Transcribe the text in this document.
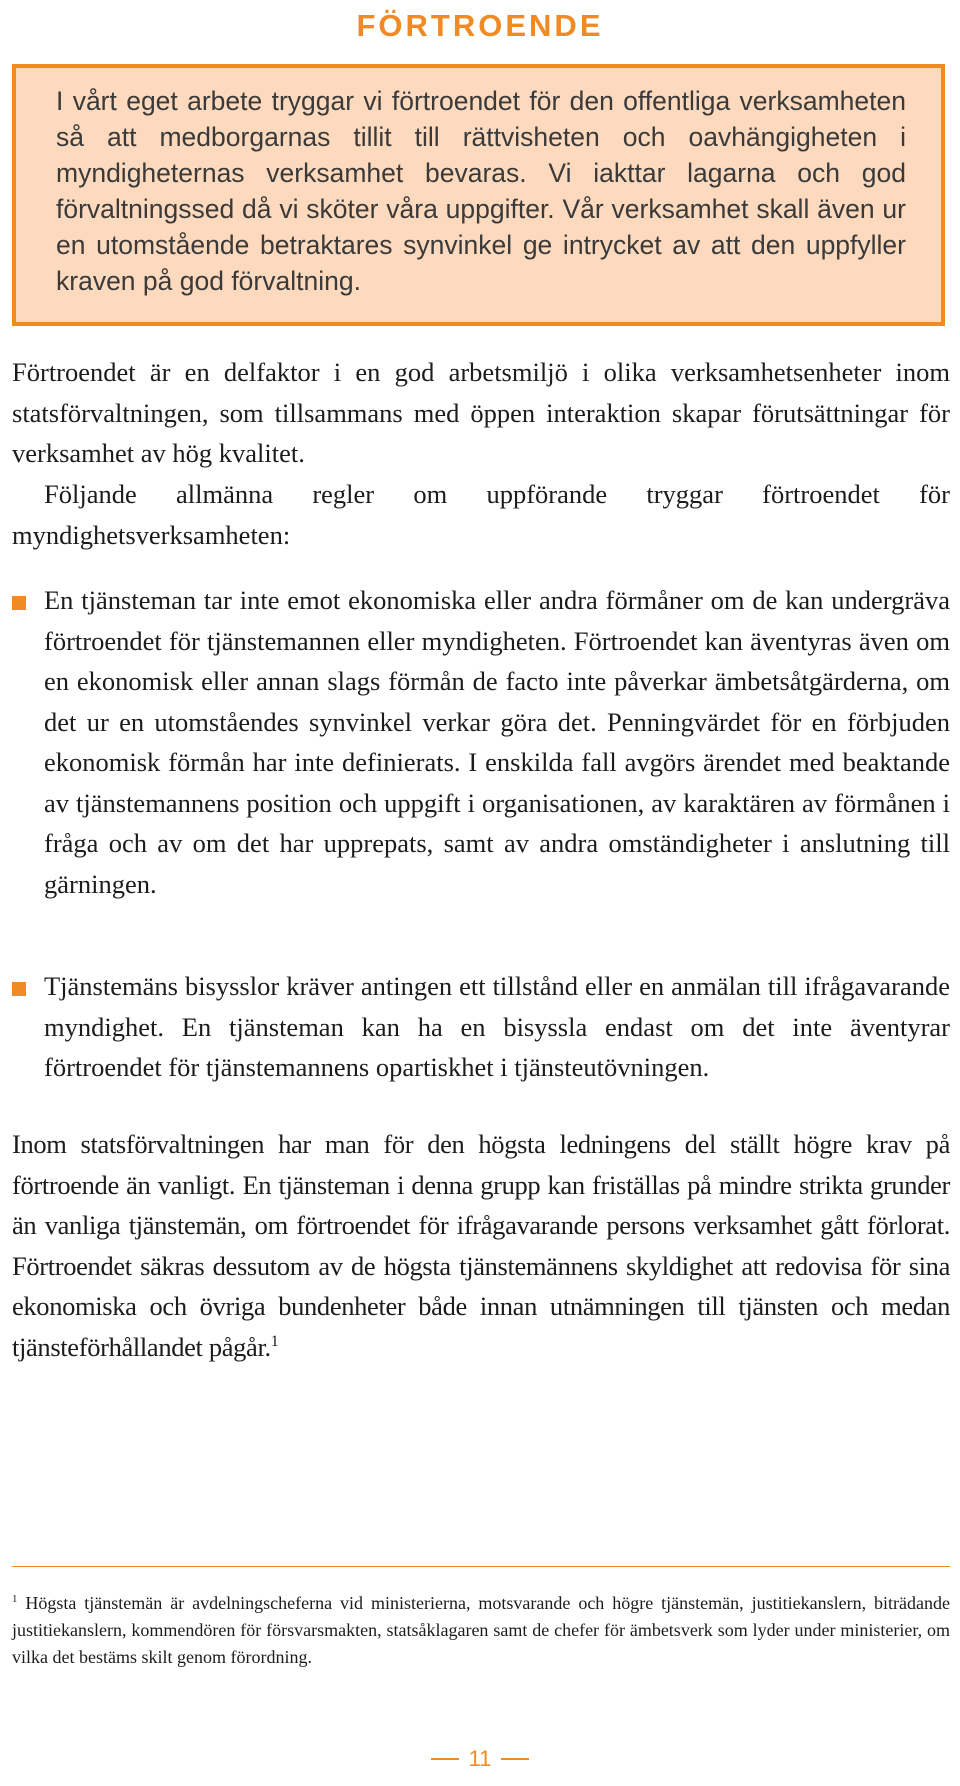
FÖRTROENDE

I vårt eget arbete tryggar vi förtroendet för den offentliga verksamheten så att medborgarnas tillit till rättvisheten och oavhängigheten i myndigheternas verksamhet bevaras. Vi iakttar lagarna och god förvaltningssed då vi sköter våra uppgifter. Vår verksamhet skall även ur en utomstående betraktares synvinkel ge intrycket av att den uppfyller kraven på god förvaltning.

Förtroendet är en delfaktor i en god arbetsmiljö i olika verksamhetsenheter inom statsförvaltningen, som tillsammans med öppen interaktion skapar förutsättningar för verksamhet av hög kvalitet.

Följande allmänna regler om uppförande tryggar förtroendet för myndighetsverksamheten:

En tjänsteman tar inte emot ekonomiska eller andra förmåner om de kan undergräva förtroendet för tjänstemannen eller myndigheten. Förtroendet kan äventyras även om en ekonomisk eller annan slags förmån de facto inte påverkar ämbetsåtgärderna, om det ur en utomståendes synvinkel verkar göra det. Penningvärdet för en förbjuden ekonomisk förmån har inte definierats. I enskilda fall avgörs ärendet med beaktande av tjänstemannens position och uppgift i organisationen, av karaktären av förmånen i fråga och av om det har upprepats, samt av andra omständigheter i anslutning till gärningen.

Tjänstemäns bisysslor kräver antingen ett tillstånd eller en anmälan till ifrågavarande myndighet. En tjänsteman kan ha en bisyssla endast om det inte äventyrar förtroendet för tjänstemannens opartiskhet i tjänsteutövningen.

Inom statsförvaltningen har man för den högsta ledningens del ställt högre krav på förtroende än vanligt. En tjänsteman i denna grupp kan friställas på mindre strikta grunder än vanliga tjänstemän, om förtroendet för ifrågavarande persons verksamhet gått förlorat. Förtroendet säkras dessutom av de högsta tjänstemännens skyldighet att redovisa för sina ekonomiska och övriga bundenheter både innan utnämningen till tjänsten och medan tjänsteförhållandet pågår.$^1$

$^1$ Högsta tjänstemän är avdelningscheferna vid ministerierna, motsvarande och högre tjänstemän, justitiekanslern, biträdande justitiekanslern, kommendören för försvarsmakten, statsåklagaren samt de chefer för ämbetsverk som lyder under ministerier, om vilka det bestäms skilt genom förordning.

11
